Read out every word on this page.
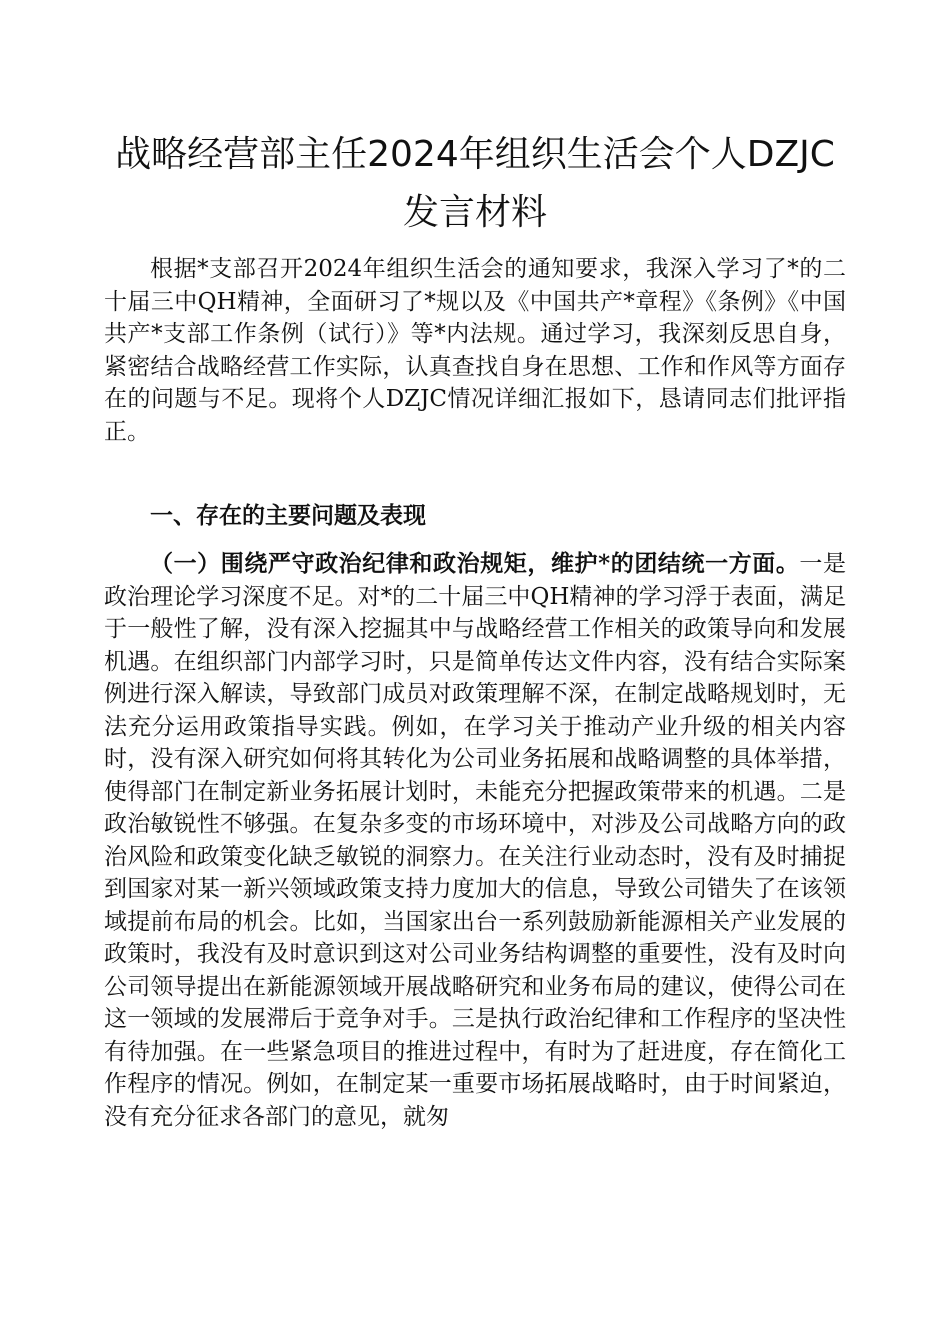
战略经营部主任2024年组织生活会个人DZJC发言材料

根据*支部召开2024年组织生活会的通知要求，我深入学习了*的二十届三中QH精神，全面研习了*规以及《中国共产*章程》《条例》《中国共产*支部工作条例（试行）》等*内法规。通过学习，我深刻反思自身，紧密结合战略经营工作实际，认真查找自身在思想、工作和作风等方面存在的问题与不足。现将个人DZJC情况详细汇报如下，恳请同志们批评指正。

一、存在的主要问题及表现

（一）围绕严守政治纪律和政治规矩，维护*的团结统一方面。一是政治理论学习深度不足。对*的二十届三中QH精神的学习浮于表面，满足于一般性了解，没有深入挖掘其中与战略经营工作相关的政策导向和发展机遇。在组织部门内部学习时，只是简单传达文件内容，没有结合实际案例进行深入解读，导致部门成员对政策理解不深，在制定战略规划时，无法充分运用政策指导实践。例如，在学习关于推动产业升级的相关内容时，没有深入研究如何将其转化为公司业务拓展和战略调整的具体举措，使得部门在制定新业务拓展计划时，未能充分把握政策带来的机遇。二是政治敏锐性不够强。在复杂多变的市场环境中，对涉及公司战略方向的政治风险和政策变化缺乏敏锐的洞察力。在关注行业动态时，没有及时捕捉到国家对某一新兴领域政策支持力度加大的信息，导致公司错失了在该领域提前布局的机会。比如，当国家出台一系列鼓励新能源相关产业发展的政策时，我没有及时意识到这对公司业务结构调整的重要性，没有及时向公司领导提出在新能源领域开展战略研究和业务布局的建议，使得公司在这一领域的发展滞后于竞争对手。三是执行政治纪律和工作程序的坚决性有待加强。在一些紧急项目的推进过程中，有时为了赶进度，存在简化工作程序的情况。例如，在制定某一重要市场拓展战略时，由于时间紧迫，没有充分征求各部门的意见，就匆
